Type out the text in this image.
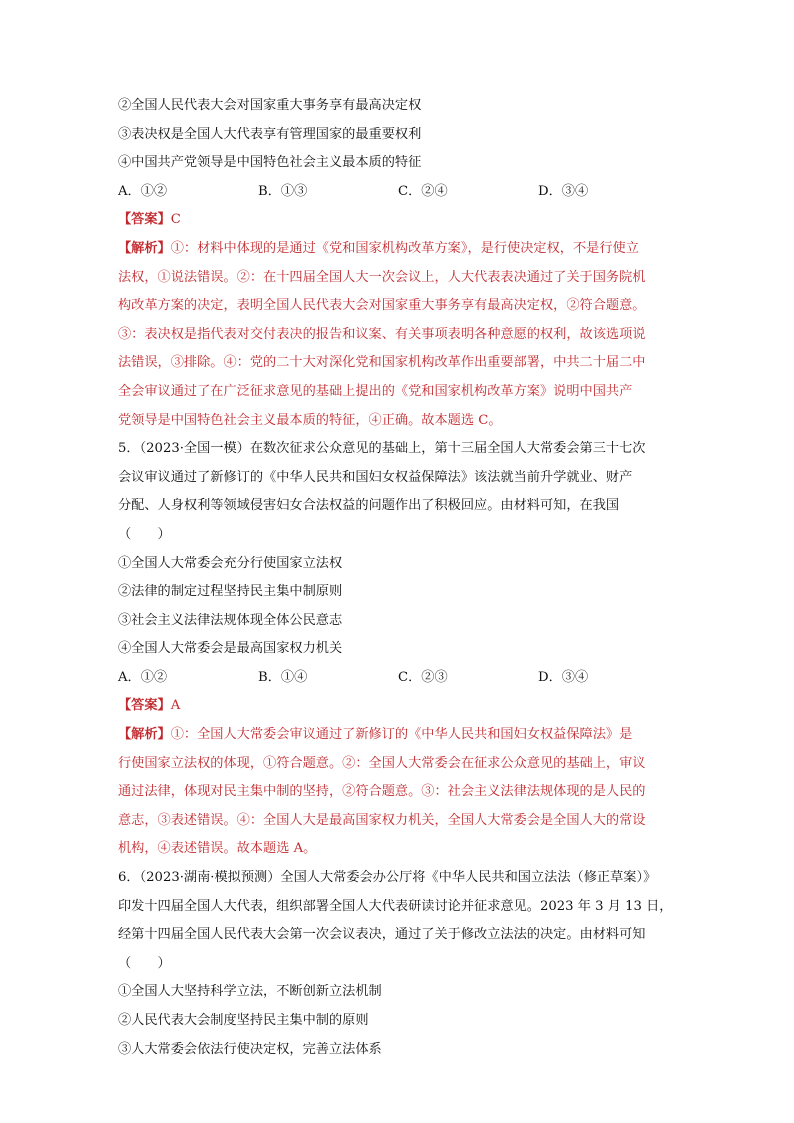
②全国人民代表大会对国家重大事务享有最高决定权
③表决权是全国人大代表享有管理国家的最重要权利
④中国共产党领导是中国特色社会主义最本质的特征
A．①②	B．①③	C．②④	D．③④
【答案】C
【解析】①：材料中体现的是通过《党和国家机构改革方案》，是行使决定权，不是行使立
法权，①说法错误。②：在十四届全国人大一次会议上，人大代表表决通过了关于国务院机
构改革方案的决定，表明全国人民代表大会对国家重大事务享有最高决定权，②符合题意。
③：表决权是指代表对交付表决的报告和议案、有关事项表明各种意愿的权利，故该选项说
法错误，③排除。④：党的二十大对深化党和国家机构改革作出重要部署，中共二十届二中
全会审议通过了在广泛征求意见的基础上提出的《党和国家机构改革方案》说明中国共产
党领导是中国特色社会主义最本质的特征，④正确。故本题选 C。
5．（2023·全国一模）在数次征求公众意见的基础上，第十三届全国人大常委会第三十七次
会议审议通过了新修订的《中华人民共和国妇女权益保障法》该法就当前升学就业、财产
分配、人身权利等领域侵害妇女合法权益的问题作出了积极回应。由材料可知，在我国
（　　）
①全国人大常委会充分行使国家立法权
②法律的制定过程坚持民主集中制原则
③社会主义法律法规体现全体公民意志
④全国人大常委会是最高国家权力机关
A．①②	B．①④	C．②③	D．③④
【答案】A
【解析】①：全国人大常委会审议通过了新修订的《中华人民共和国妇女权益保障法》是
行使国家立法权的体现，①符合题意。②：全国人大常委会在征求公众意见的基础上，审议
通过法律，体现对民主集中制的坚持，②符合题意。③：社会主义法律法规体现的是人民的
意志，③表述错误。④：全国人大是最高国家权力机关，全国人大常委会是全国人大的常设
机构，④表述错误。故本题选 A。
6．（2023·湖南·模拟预测）全国人大常委会办公厅将《中华人民共和国立法法（修正草案）》
印发十四届全国人大代表，组织部署全国人大代表研读讨论并征求意见。2023 年 3 月 13 日，
经第十四届全国人民代表大会第一次会议表决，通过了关于修改立法法的决定。由材料可知
（　　）
①全国人大坚持科学立法，不断创新立法机制
②人民代表大会制度坚持民主集中制的原则
③人大常委会依法行使决定权，完善立法体系
